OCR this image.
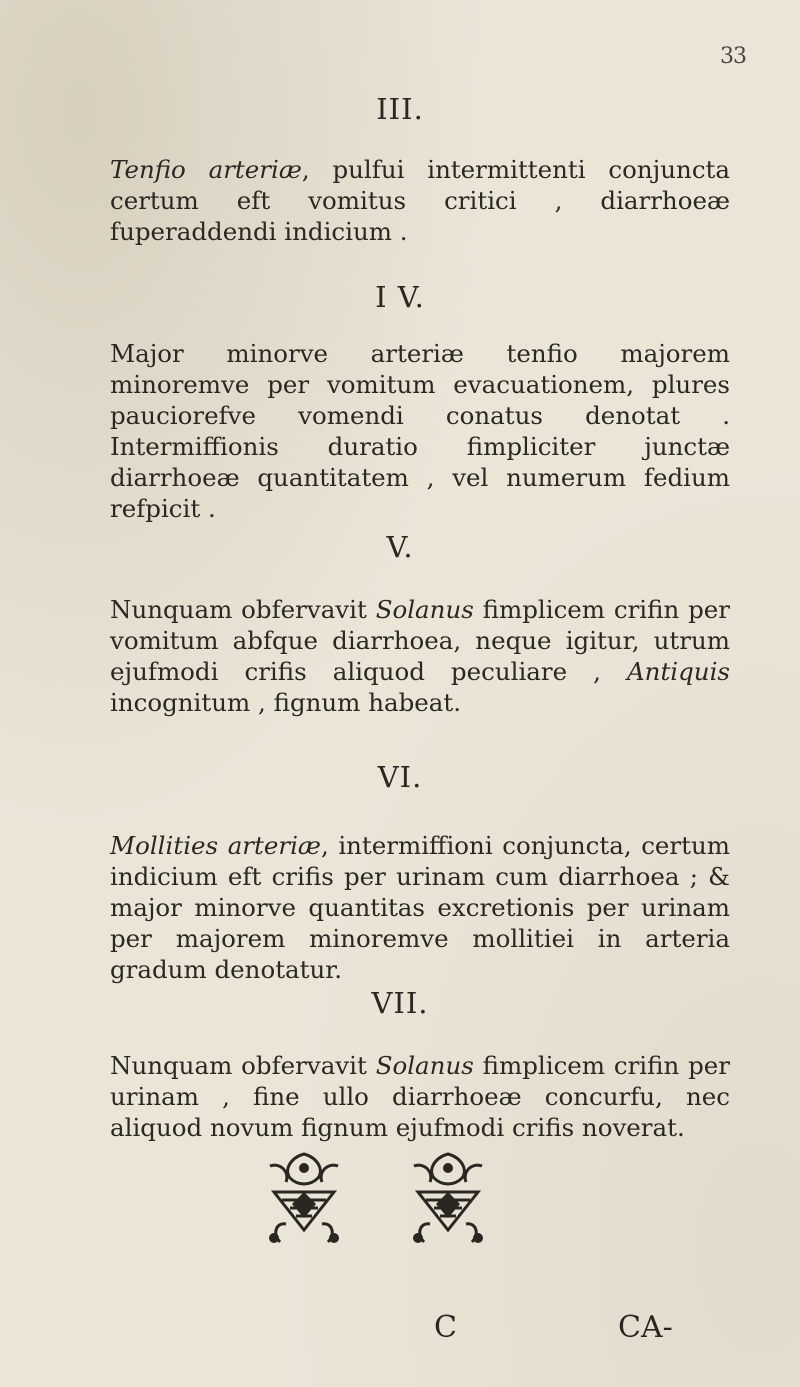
33
III.
Tenfio arteriæ, pulfui intermittenti conjuncta certum eft vomitus critici , diarrhoeæ fuperaddendi indicium .
I V.
Major minorve arteriæ tenfio majorem minoremve per vomitum evacuationem, plures pauciorefve vomendi conatus denotat . Intermiffionis duratio fimpliciter junctæ diarrhoeæ quantitatem , vel numerum fedium refpicit .
V.
Nunquam obfervavit Solanus fimplicem crifin per vomitum abfque diarrhoea, neque igitur, utrum ejufmodi crifis aliquod peculiare , Antiquis incognitum , fignum habeat.
VI.
Mollities arteriæ, intermiffioni conjuncta, certum indicium eft crifis per urinam cum diarrhoea ; & major minorve quantitas excretionis per urinam per majorem minoremve mollitiei in arteria gradum denotatur.
VII.
Nunquam obfervavit Solanus fimplicem crifin per urinam , fine ullo diarrhoeæ concurfu, nec aliquod novum fignum ejufmodi crifis noverat.
C	CA-
